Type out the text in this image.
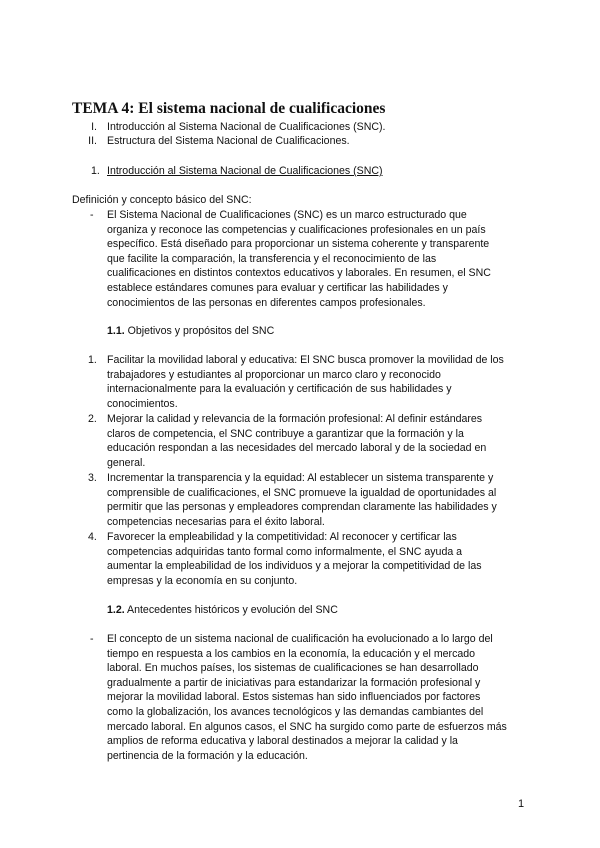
TEMA 4: El sistema nacional de cualificaciones
I. Introducción al Sistema Nacional de Cualificaciones (SNC).
II. Estructura del Sistema Nacional de Cualificaciones.
1. Introducción al Sistema Nacional de Cualificaciones (SNC)
Definición y concepto básico del SNC:
- El Sistema Nacional de Cualificaciones (SNC) es un marco estructurado que
organiza y reconoce las competencias y cualificaciones profesionales en un país
específico. Está diseñado para proporcionar un sistema coherente y transparente
que facilite la comparación, la transferencia y el reconocimiento de las
cualificaciones en distintos contextos educativos y laborales. En resumen, el SNC
establece estándares comunes para evaluar y certificar las habilidades y
conocimientos de las personas en diferentes campos profesionales.
1.1. Objetivos y propósitos del SNC
1. Facilitar la movilidad laboral y educativa: El SNC busca promover la movilidad de los
trabajadores y estudiantes al proporcionar un marco claro y reconocido
internacionalmente para la evaluación y certificación de sus habilidades y
conocimientos.
2. Mejorar la calidad y relevancia de la formación profesional: Al definir estándares
claros de competencia, el SNC contribuye a garantizar que la formación y la
educación respondan a las necesidades del mercado laboral y de la sociedad en
general.
3. Incrementar la transparencia y la equidad: Al establecer un sistema transparente y
comprensible de cualificaciones, el SNC promueve la igualdad de oportunidades al
permitir que las personas y empleadores comprendan claramente las habilidades y
competencias necesarias para el éxito laboral.
4. Favorecer la empleabilidad y la competitividad: Al reconocer y certificar las
competencias adquiridas tanto formal como informalmente, el SNC ayuda a
aumentar la empleabilidad de los individuos y a mejorar la competitividad de las
empresas y la economía en su conjunto.
1.2. Antecedentes históricos y evolución del SNC
- El concepto de un sistema nacional de cualificación ha evolucionado a lo largo del
tiempo en respuesta a los cambios en la economía, la educación y el mercado
laboral. En muchos países, los sistemas de cualificaciones se han desarrollado
gradualmente a partir de iniciativas para estandarizar la formación profesional y
mejorar la movilidad laboral. Estos sistemas han sido influenciados por factores
como la globalización, los avances tecnológicos y las demandas cambiantes del
mercado laboral. En algunos casos, el SNC ha surgido como parte de esfuerzos más
amplios de reforma educativa y laboral destinados a mejorar la calidad y la
pertinencia de la formación y la educación.
1
